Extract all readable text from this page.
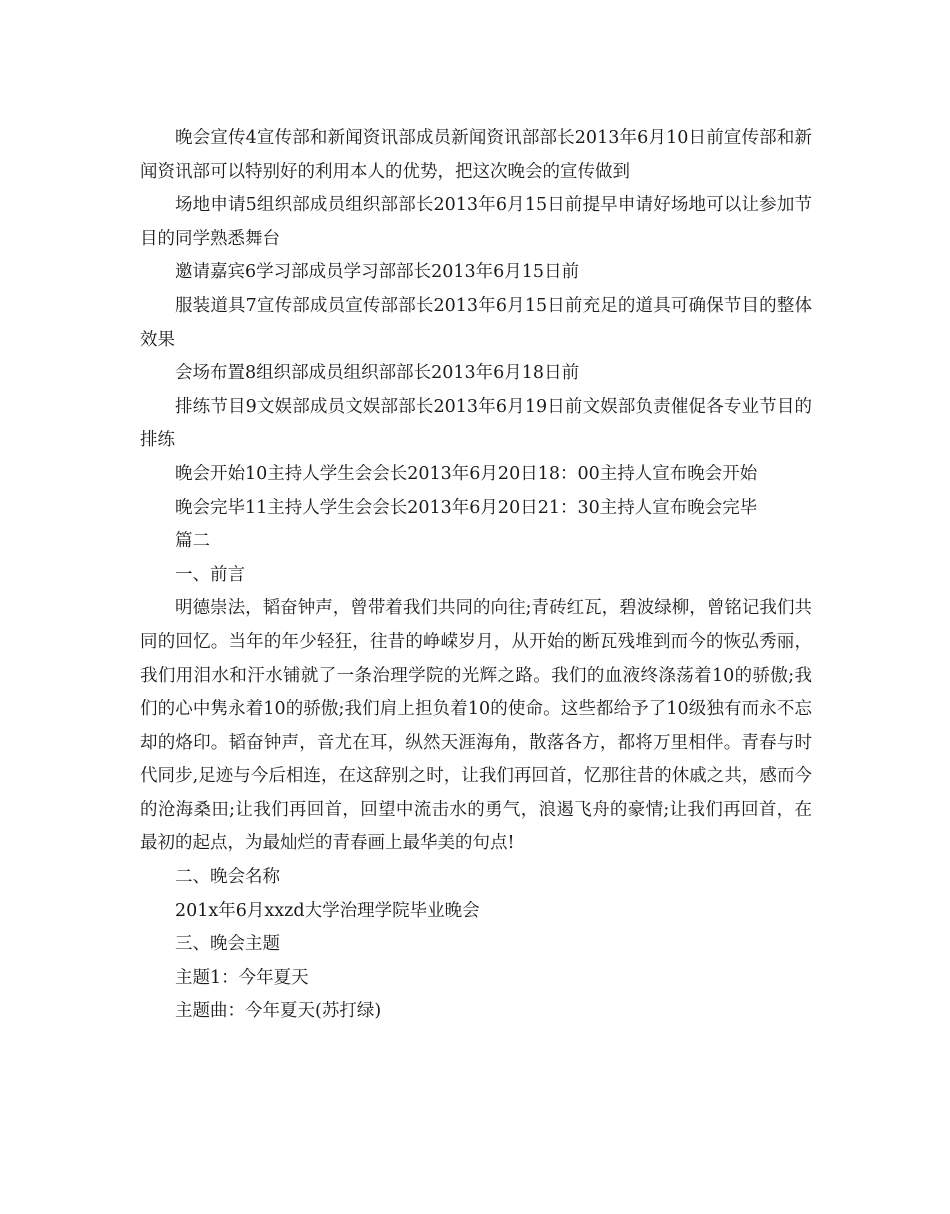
晚会宣传4宣传部和新闻资讯部成员新闻资讯部部长2013年6月10日前宣传部和新闻资讯部可以特别好的利用本人的优势，把这次晚会的宣传做到

场地申请5组织部成员组织部部长2013年6月15日前提早申请好场地可以让参加节目的同学熟悉舞台

邀请嘉宾6学习部成员学习部部长2013年6月15日前

服装道具7宣传部成员宣传部部长2013年6月15日前充足的道具可确保节目的整体效果

会场布置8组织部成员组织部部长2013年6月18日前

排练节目9文娱部成员文娱部部长2013年6月19日前文娱部负责催促各专业节目的排练

晚会开始10主持人学生会会长2013年6月20日18：00主持人宣布晚会开始

晚会完毕11主持人学生会会长2013年6月20日21：30主持人宣布晚会完毕

篇二

一、前言

明德崇法，韬奋钟声，曾带着我们共同的向往;青砖红瓦，碧波绿柳，曾铭记我们共同的回忆。当年的年少轻狂，往昔的峥嵘岁月，从开始的断瓦残堆到而今的恢弘秀丽，我们用泪水和汗水铺就了一条治理学院的光辉之路。我们的血液终涤荡着10的骄傲;我们的心中隽永着10的骄傲;我们肩上担负着10的使命。这些都给予了10级独有而永不忘却的烙印。韬奋钟声，音尤在耳，纵然天涯海角，散落各方，都将万里相伴。青春与时代同步,足迹与今后相连，在这辞别之时，让我们再回首，忆那往昔的休戚之共，感而今的沧海桑田;让我们再回首，回望中流击水的勇气，浪遏飞舟的豪情;让我们再回首，在最初的起点，为最灿烂的青春画上最华美的句点!

二、晚会名称

201x年6月xxzd大学治理学院毕业晚会

三、晚会主题

主题1：今年夏天

主题曲：今年夏天(苏打绿)
